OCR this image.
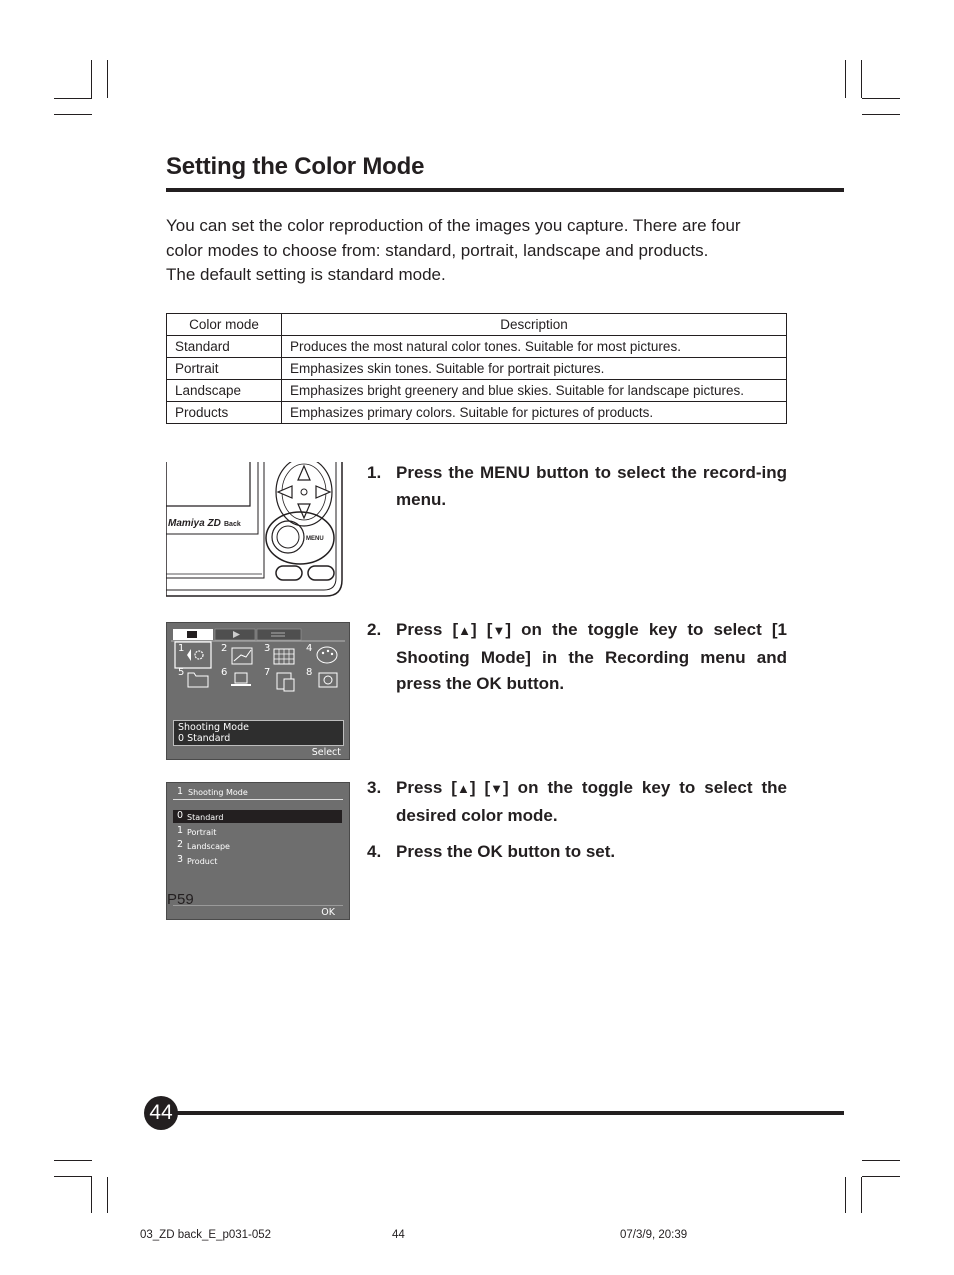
Setting the Color Mode
You can set the color reproduction of the images you capture. There are four
color modes to choose from: standard, portrait, landscape and products.
The default setting is standard mode.
Color mode	Description
Standard	Produces the most natural color tones. Suitable for most pictures.
Portrait	Emphasizes skin tones. Suitable for portrait pictures.
Landscape	Emphasizes bright greenery and blue skies. Suitable for landscape pictures.
Products	Emphasizes primary colors. Suitable for pictures of products.
Mamiya ZD Back
MENU
1	2	3	4
5	6	7	8
Shooting Mode
0 Standard
Select
1 Shooting Mode
0 Standard
1 Portrait
2 Landscape
3 Product
OK
P59
1. Press the MENU button to select the record-ing menu.
2. Press [▲] [▼] on the toggle key to select [1 Shooting Mode] in the Recording menu and press the OK button.
3. Press [▲] [▼] on the toggle key to select the desired color mode.
4. Press the OK button to set.
44
03_ZD back_E_p031-052	44	07/3/9, 20:39
